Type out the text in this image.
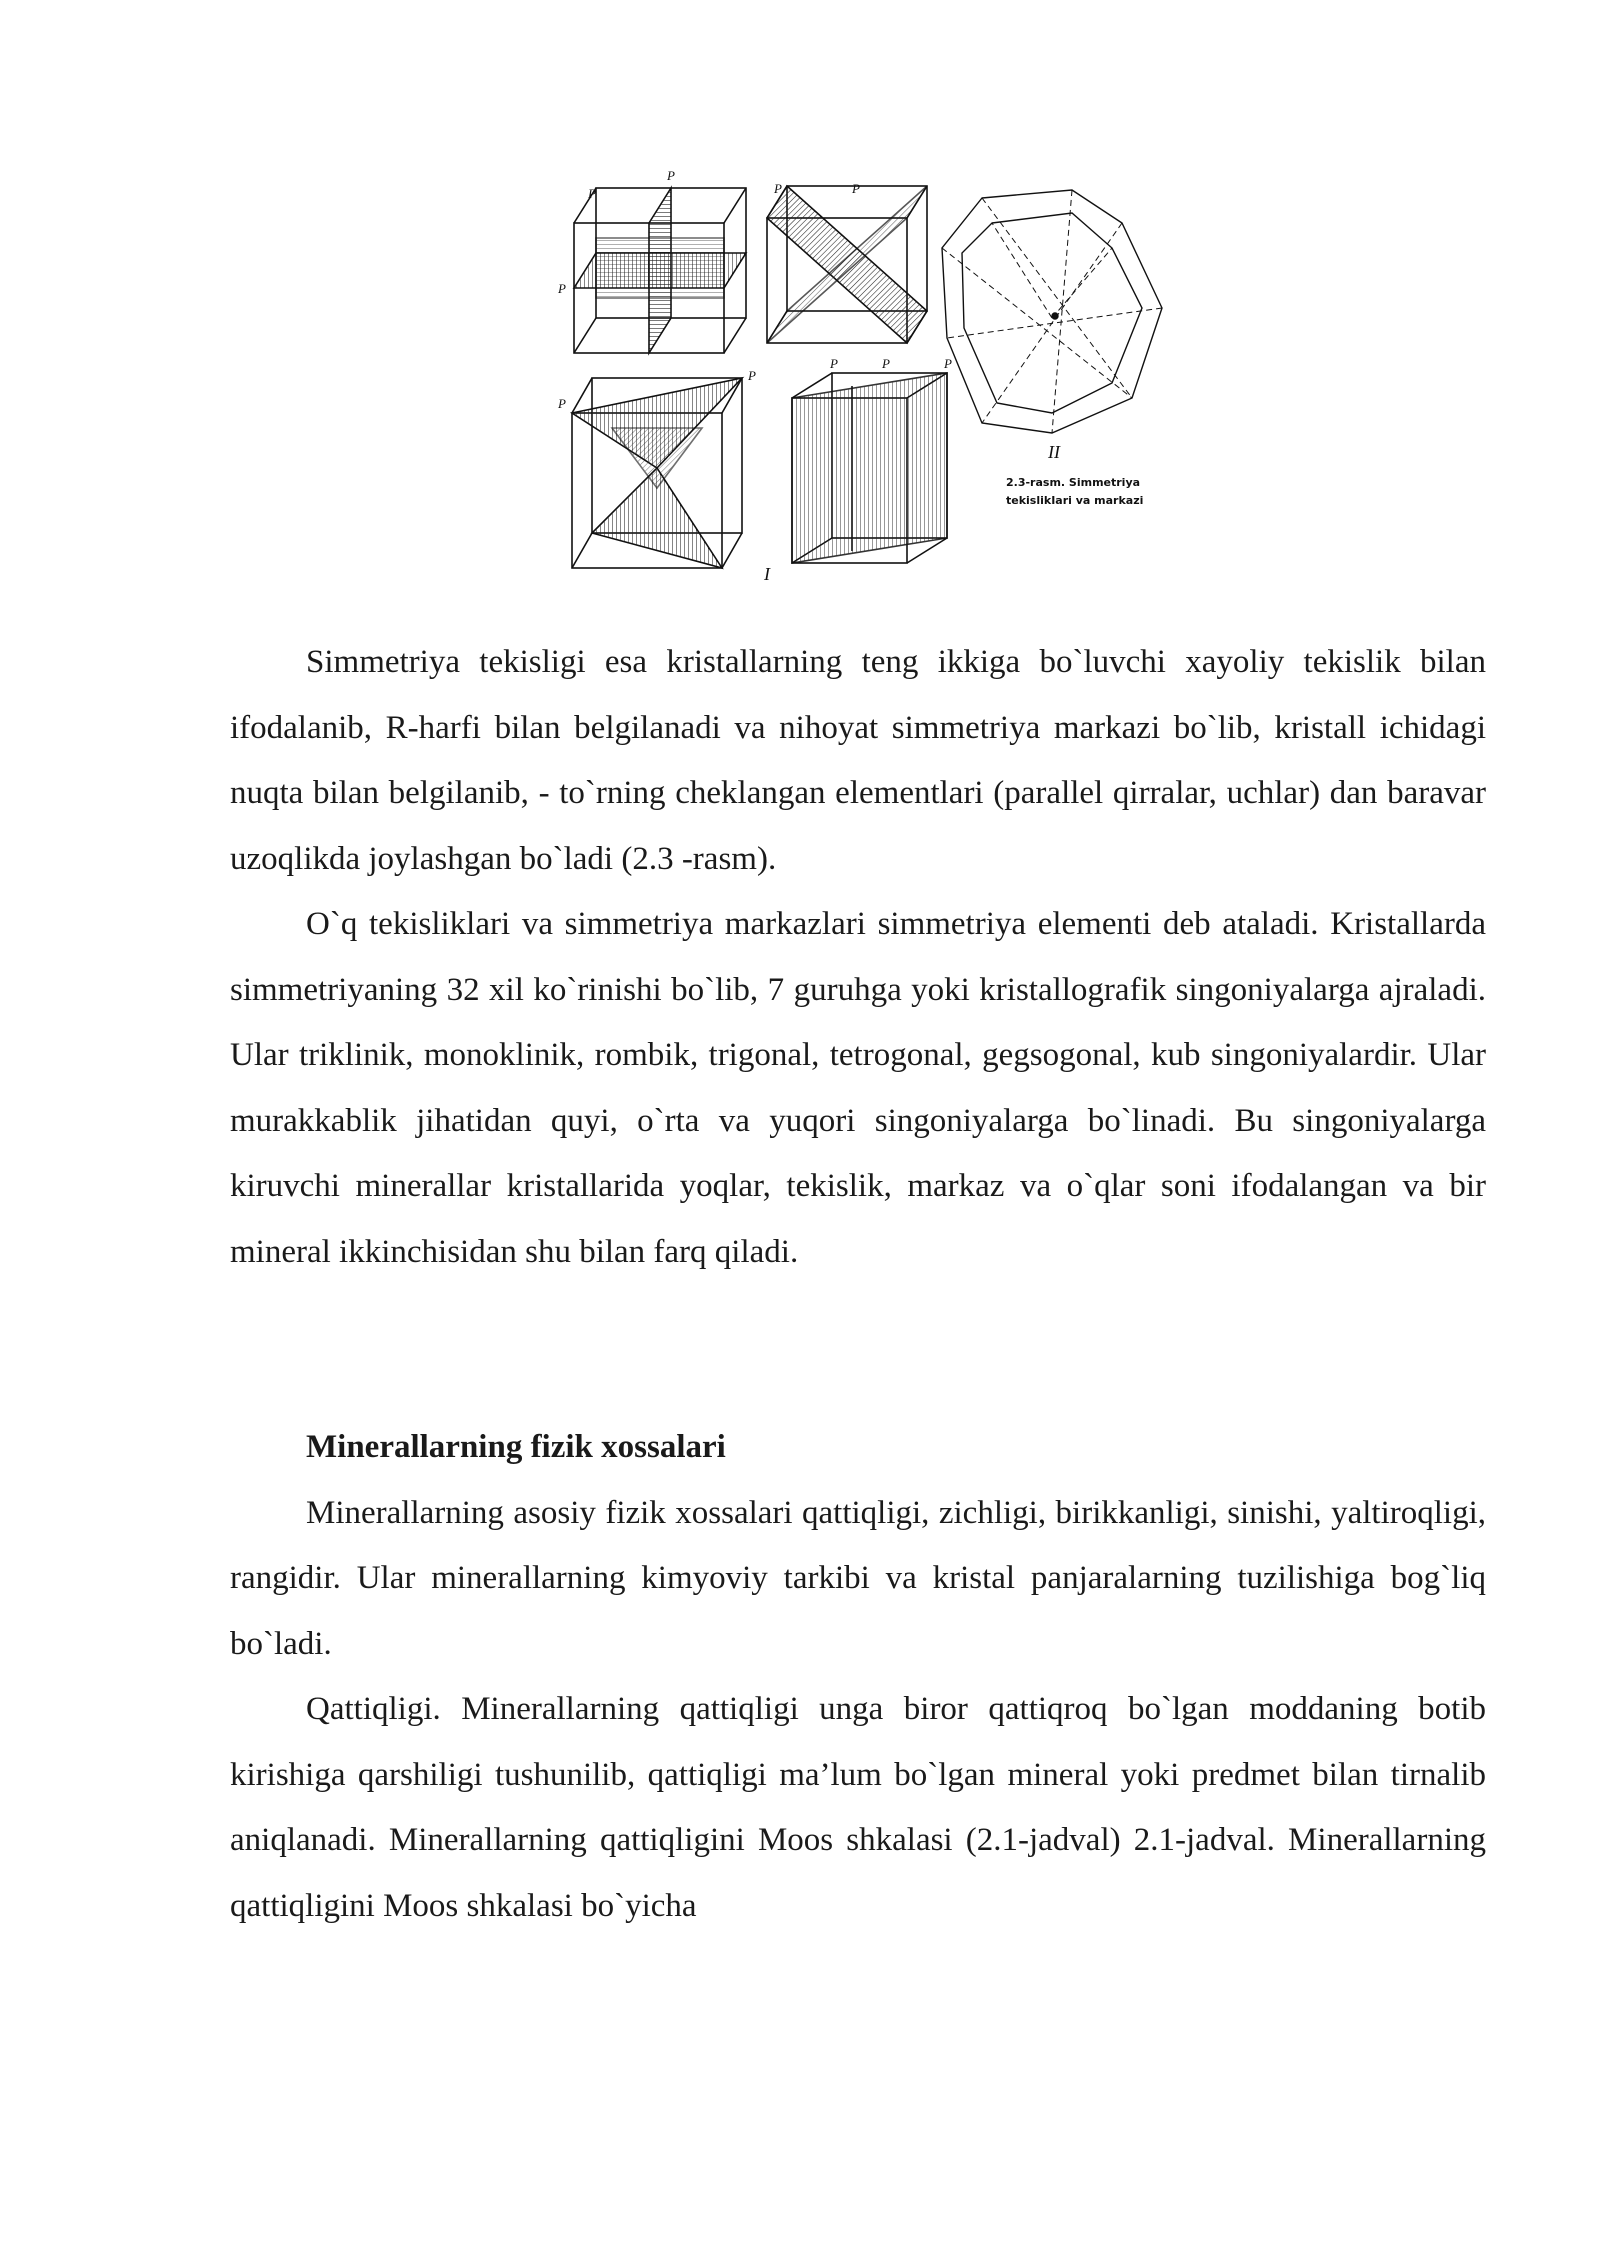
P
P
P
P	P
II
2.3-rasm. Simmetriya
tekislikIari va markazi
P
P
I
P	P	P

Simmetriya tekisligi esa kristallarning teng ikkiga bo`luvchi xayoliy tekislik bilan ifodalanib, R-harfi bilan belgilanadi va nihoyat simmetriya markazi bo`lib, kristall ichidagi nuqta bilan belgilanib, - to`rning cheklangan elementlari (parallel qirralar, uchlar) dan baravar uzoqlikda joylashgan bo`ladi (2.3 -rasm).

O`q tekisliklari va simmetriya markazlari simmetriya elementi deb ataladi. Kristallarda simmetriyaning 32 xil ko`rinishi bo`lib, 7 guruhga yoki kristallografik singoniyalarga ajraladi. Ular triklinik, monoklinik, rombik, trigonal, tetrogonal, gegsogonal, kub singoniyalardir. Ular murakkablik jihatidan quyi, o`rta va yuqori singoniyalarga bo`linadi. Bu singoniyalarga kiruvchi minerallar kristallarida yoqlar, tekislik, markaz va o`qlar soni ifodalangan va bir mineral ikkinchisidan shu bilan farq qiladi.

Minerallarning fizik xossalari

Minerallarning asosiy fizik xossalari qattiqligi, zichligi, birikkanligi, sinishi, yaltiroqligi, rangidir. Ular minerallarning kimyoviy tarkibi va kristal panjaralarning tuzilishiga bog`liq bo`ladi.

Qattiqligi. Minerallarning qattiqligi unga biror qattiqroq bo`lgan moddaning botib kirishiga qarshiligi tushunilib, qattiqligi ma’lum bo`lgan mineral yoki predmet bilan tirnalib aniqlanadi. Minerallarning qattiqligini Moos shkalasi (2.1-jadval) 2.1-jadval. Minerallarning qattiqligini Moos shkalasi bo`yicha
